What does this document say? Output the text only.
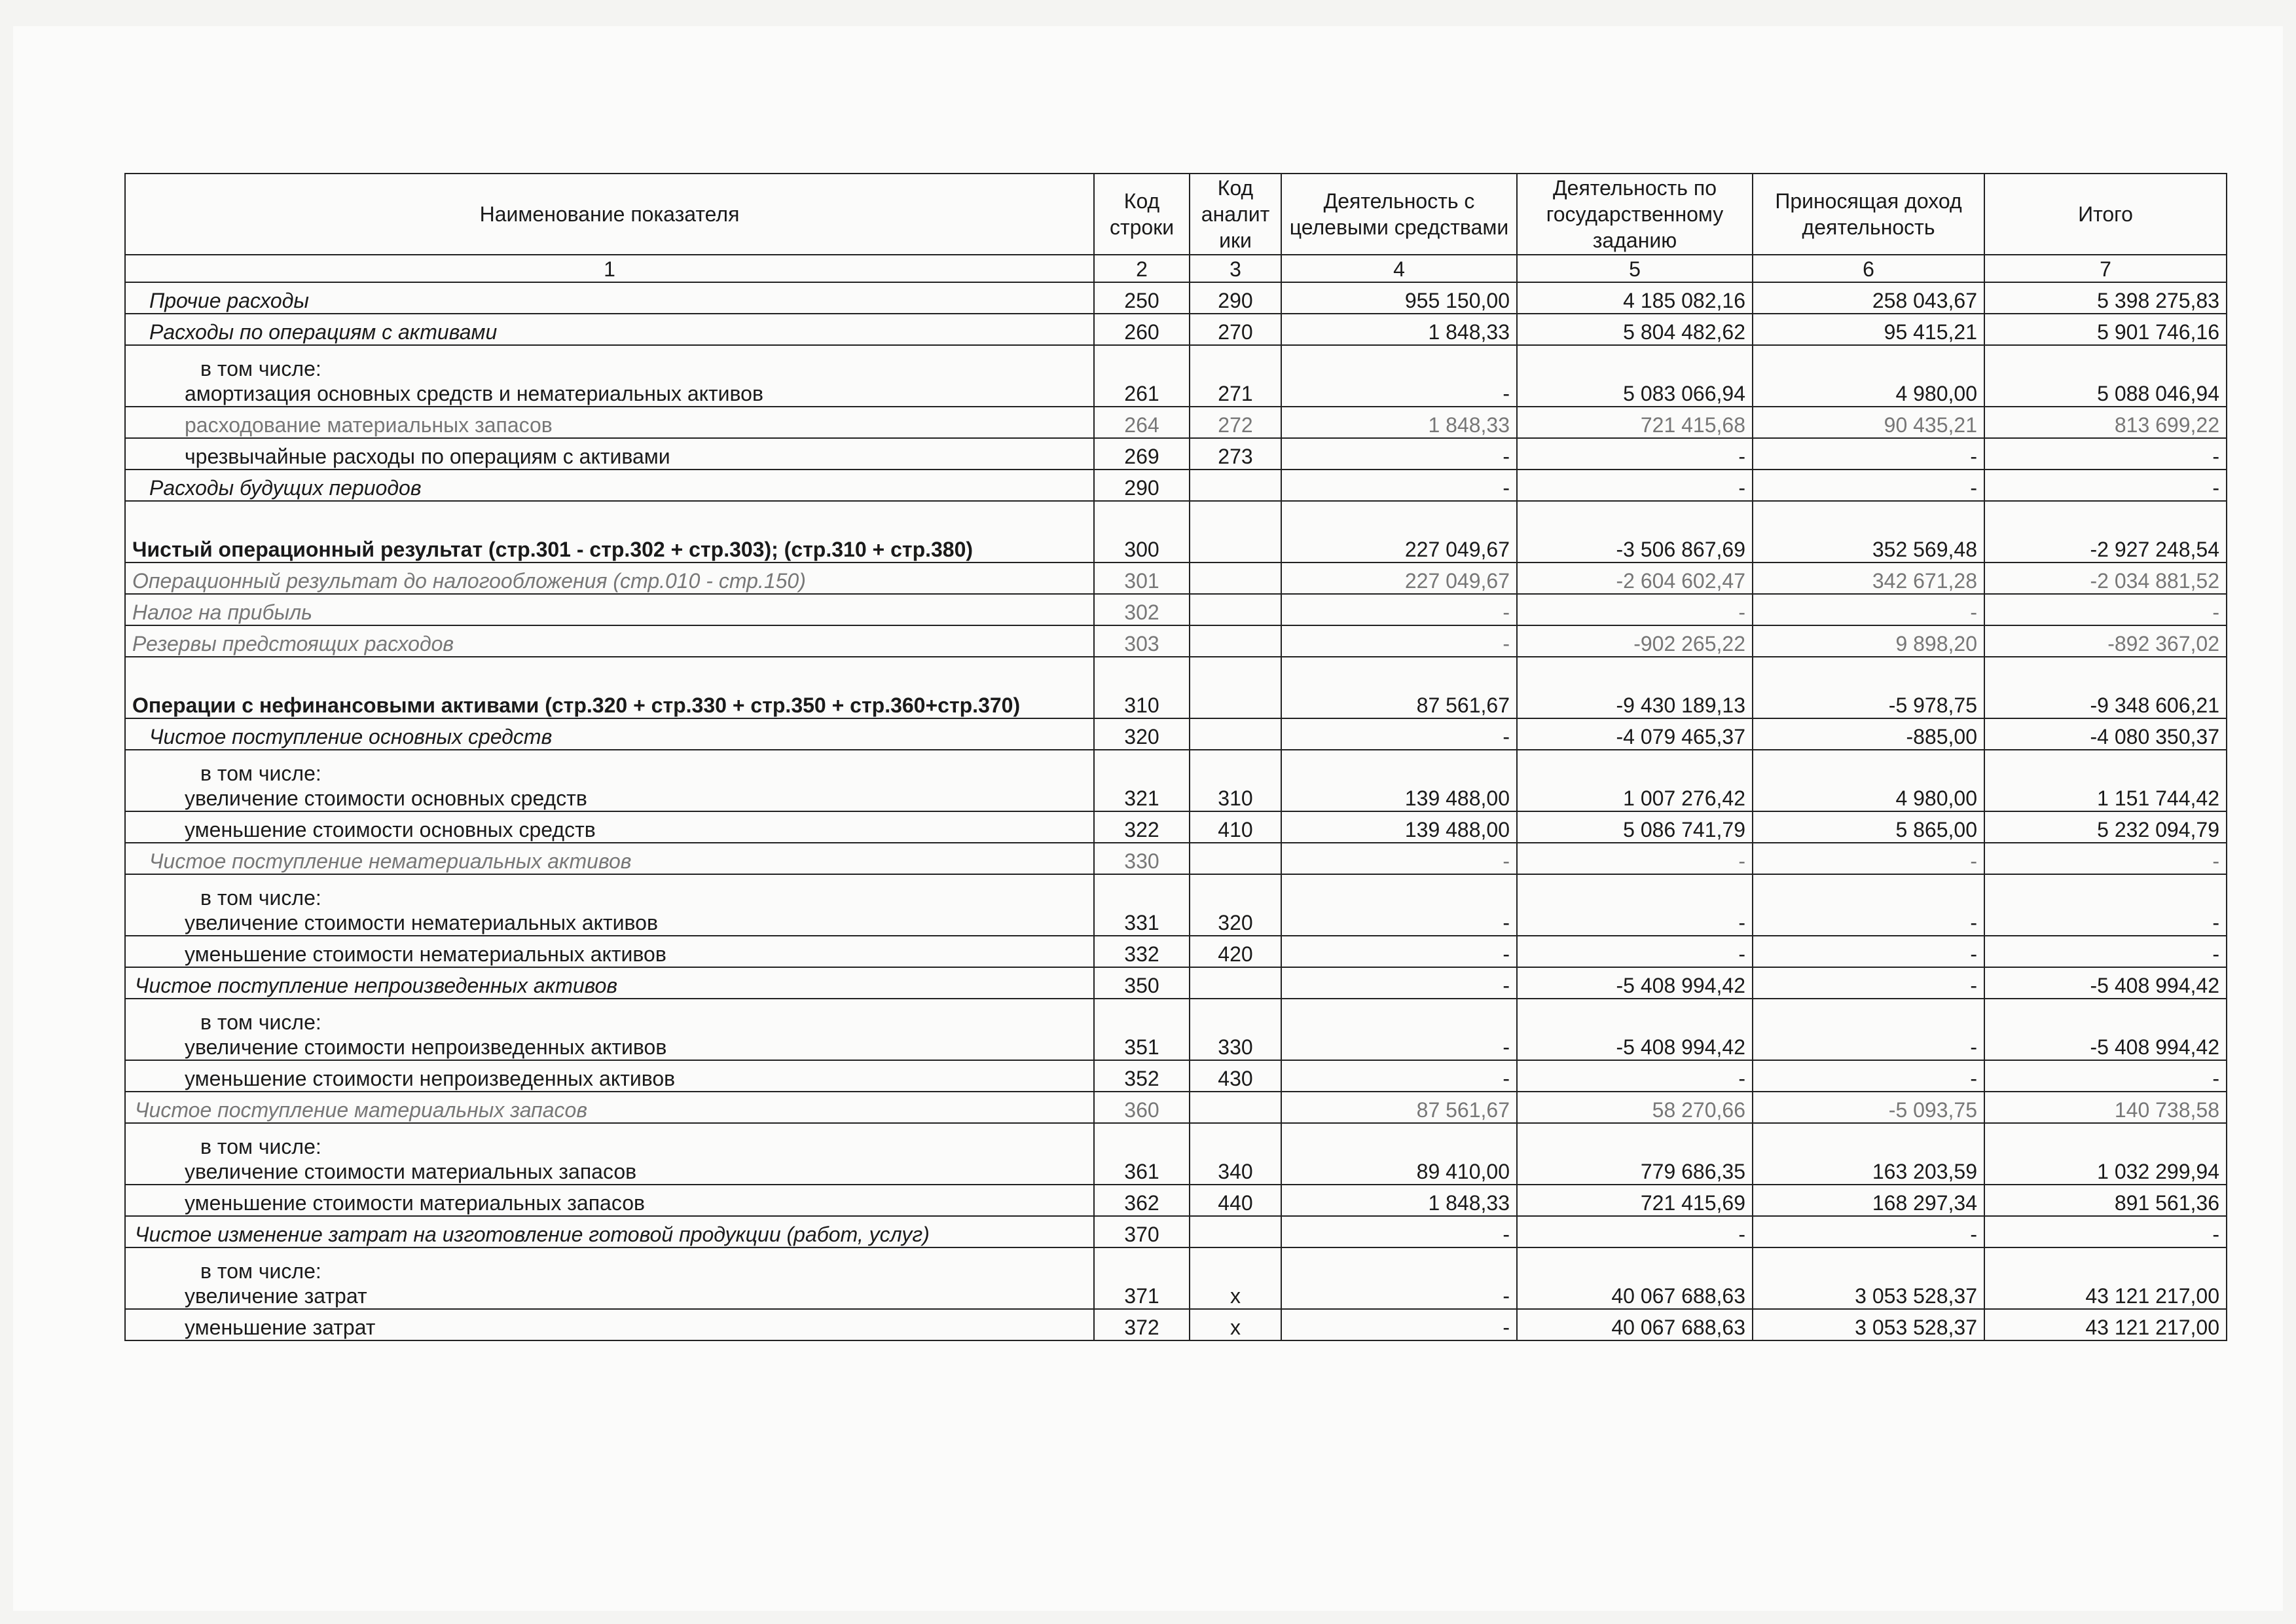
Наименование показателя	Код строки	Код аналит ики	Деятельность с целевыми средствами	Деятельность по государственному заданию	Приносящая доход деятельность	Итого
1	2	3	4	5	6	7
Прочие расходы	250	290	955 150,00	4 185 082,16	258 043,67	5 398 275,83
Расходы по операциям с активами	260	270	1 848,33	5 804 482,62	95 415,21	5 901 746,16

в том числе:
амортизация основных средств и нематериальных активов	261	271	-	5 083 066,94	4 980,00	5 088 046,94
расходование материальных запасов	264	272	1 848,33	721 415,68	90 435,21	813 699,22
чрезвычайные расходы по операциям с активами	269	273	-	-	-	-
Расходы будущих периодов	290		-	-	-	-
Чистый операционный результат (стр.301 - стр.302 + стр.303); (стр.310 + стр.380)	300		227 049,67	-3 506 867,69	352 569,48	-2 927 248,54
Операционный результат до налогообложения (стр.010 - стр.150)	301		227 049,67	-2 604 602,47	342 671,28	-2 034 881,52
Налог на прибыль	302		-	-	-	-
Резервы предстоящих расходов	303		-	-902 265,22	9 898,20	-892 367,02
Операции с нефинансовыми активами (стр.320 + стр.330 + стр.350 + стр.360+стр.370)	310		87 561,67	-9 430 189,13	-5 978,75	-9 348 606,21
Чистое поступление основных средств	320		-	-4 079 465,37	-885,00	-4 080 350,37

в том числе:
увеличение стоимости основных средств	321	310	139 488,00	1 007 276,42	4 980,00	1 151 744,42
уменьшение стоимости основных средств	322	410	139 488,00	5 086 741,79	5 865,00	5 232 094,79
Чистое поступление нематериальных активов	330		-	-	-	-

в том числе:
увеличение стоимости нематериальных активов	331	320	-	-	-	-
уменьшение стоимости нематериальных активов	332	420	-	-	-	-
Чистое поступление непроизведенных активов	350		-	-5 408 994,42	-	-5 408 994,42

в том числе:
увеличение стоимости непроизведенных активов	351	330	-	-5 408 994,42	-	-5 408 994,42
уменьшение стоимости непроизведенных активов	352	430	-	-	-	-
Чистое поступление материальных запасов	360		87 561,67	58 270,66	-5 093,75	140 738,58

в том числе:
увеличение стоимости материальных запасов	361	340	89 410,00	779 686,35	163 203,59	1 032 299,94
уменьшение стоимости материальных запасов	362	440	1 848,33	721 415,69	168 297,34	891 561,36
Чистое изменение затрат на изготовление готовой продукции (работ, услуг)	370		-	-	-	-

в том числе:
увеличение затрат	371	х	-	40 067 688,63	3 053 528,37	43 121 217,00
уменьшение затрат	372	х	-	40 067 688,63	3 053 528,37	43 121 217,00
